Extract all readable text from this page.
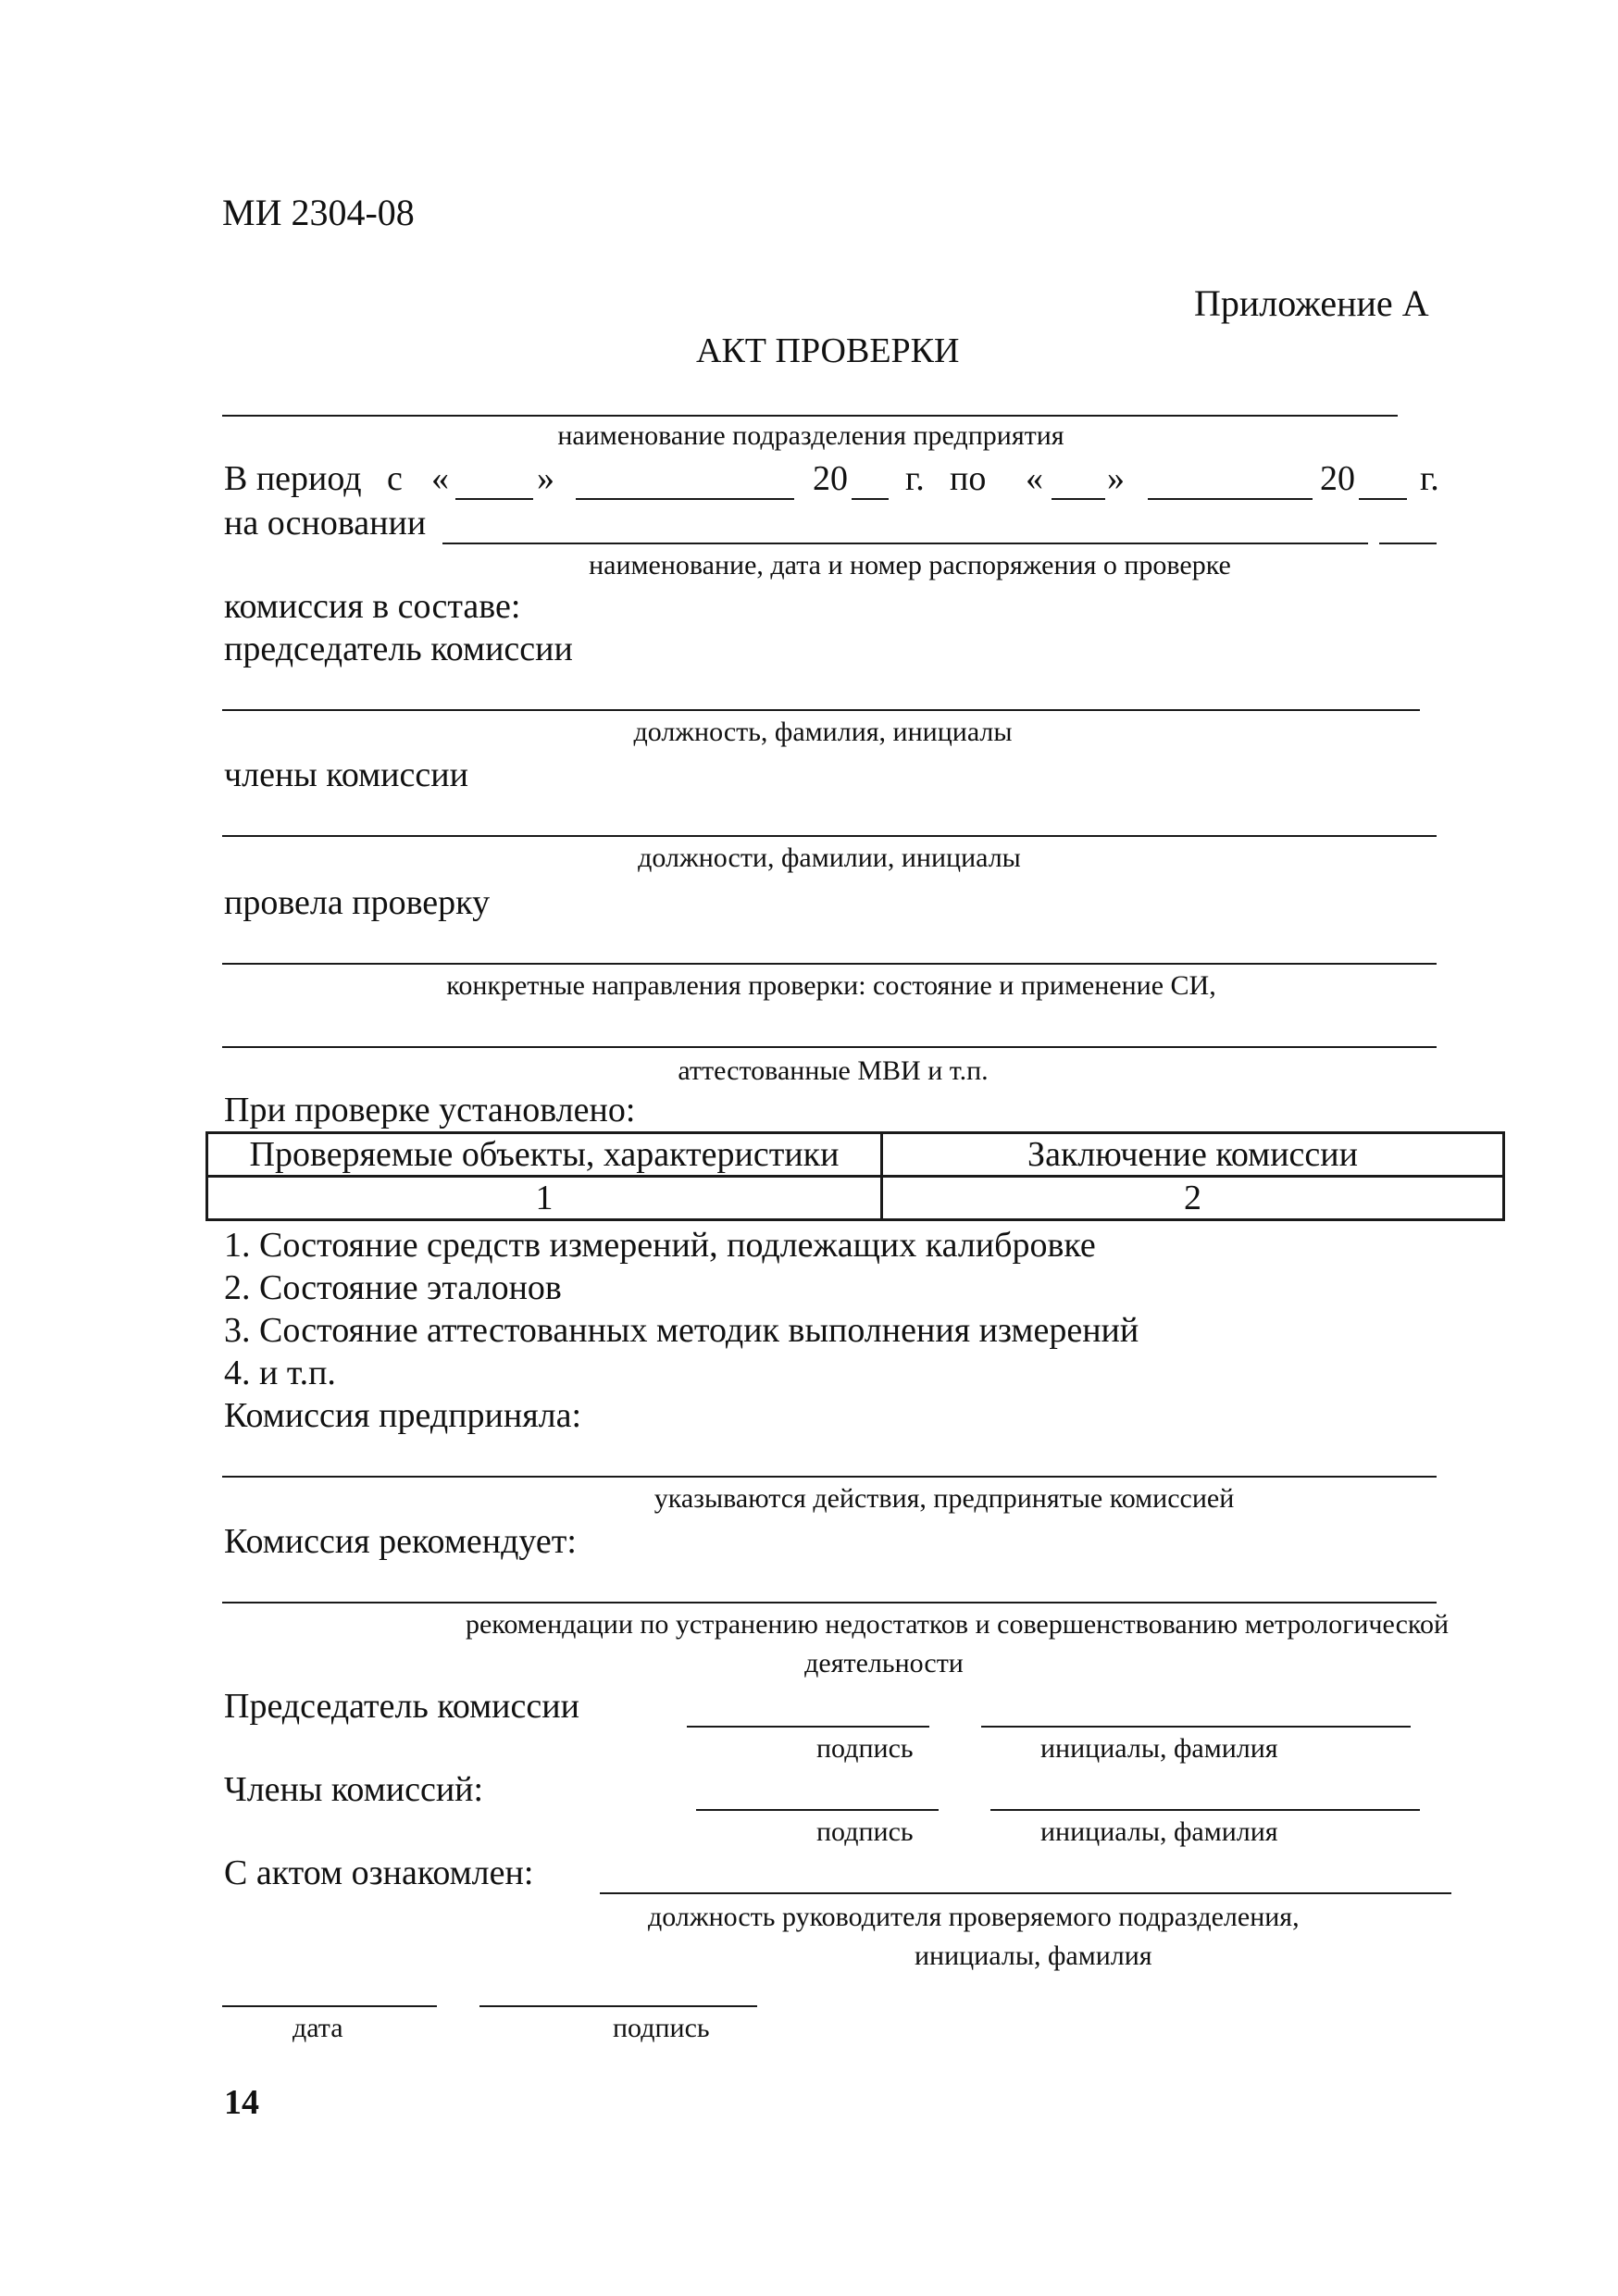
МИ 2304-08
Приложение А
АКТ ПРОВЕРКИ
наименование подразделения предприятия
В период с «	»	20 г. по « »	20 г.
на основании
наименование, дата и номер распоряжения о проверке
комиссия в составе:
председатель комиссии
должность, фамилия, инициалы
члены комиссии
должности, фамилии, инициалы
провела проверку
конкретные направления проверки: состояние и применение СИ,
аттестованные МВИ и т.п.
При проверке установлено:
Проверяемые объекты, характеристики	Заключение комиссии
1	2
1. Состояние средств измерений, подлежащих калибровке
2. Состояние эталонов
3. Состояние аттестованных методик выполнения измерений
4. и т.п.
Комиссия предприняла:
указываются действия, предпринятые комиссией
Комиссия рекомендует:
рекомендации по устранению недостатков и совершенствованию метрологической
деятельности
Председатель комиссии
подпись	инициалы, фамилия
Члены комиссий:
подпись	инициалы, фамилия
С актом ознакомлен:
должность руководителя проверяемого подразделения,
инициалы, фамилия
дата	подпись
14
